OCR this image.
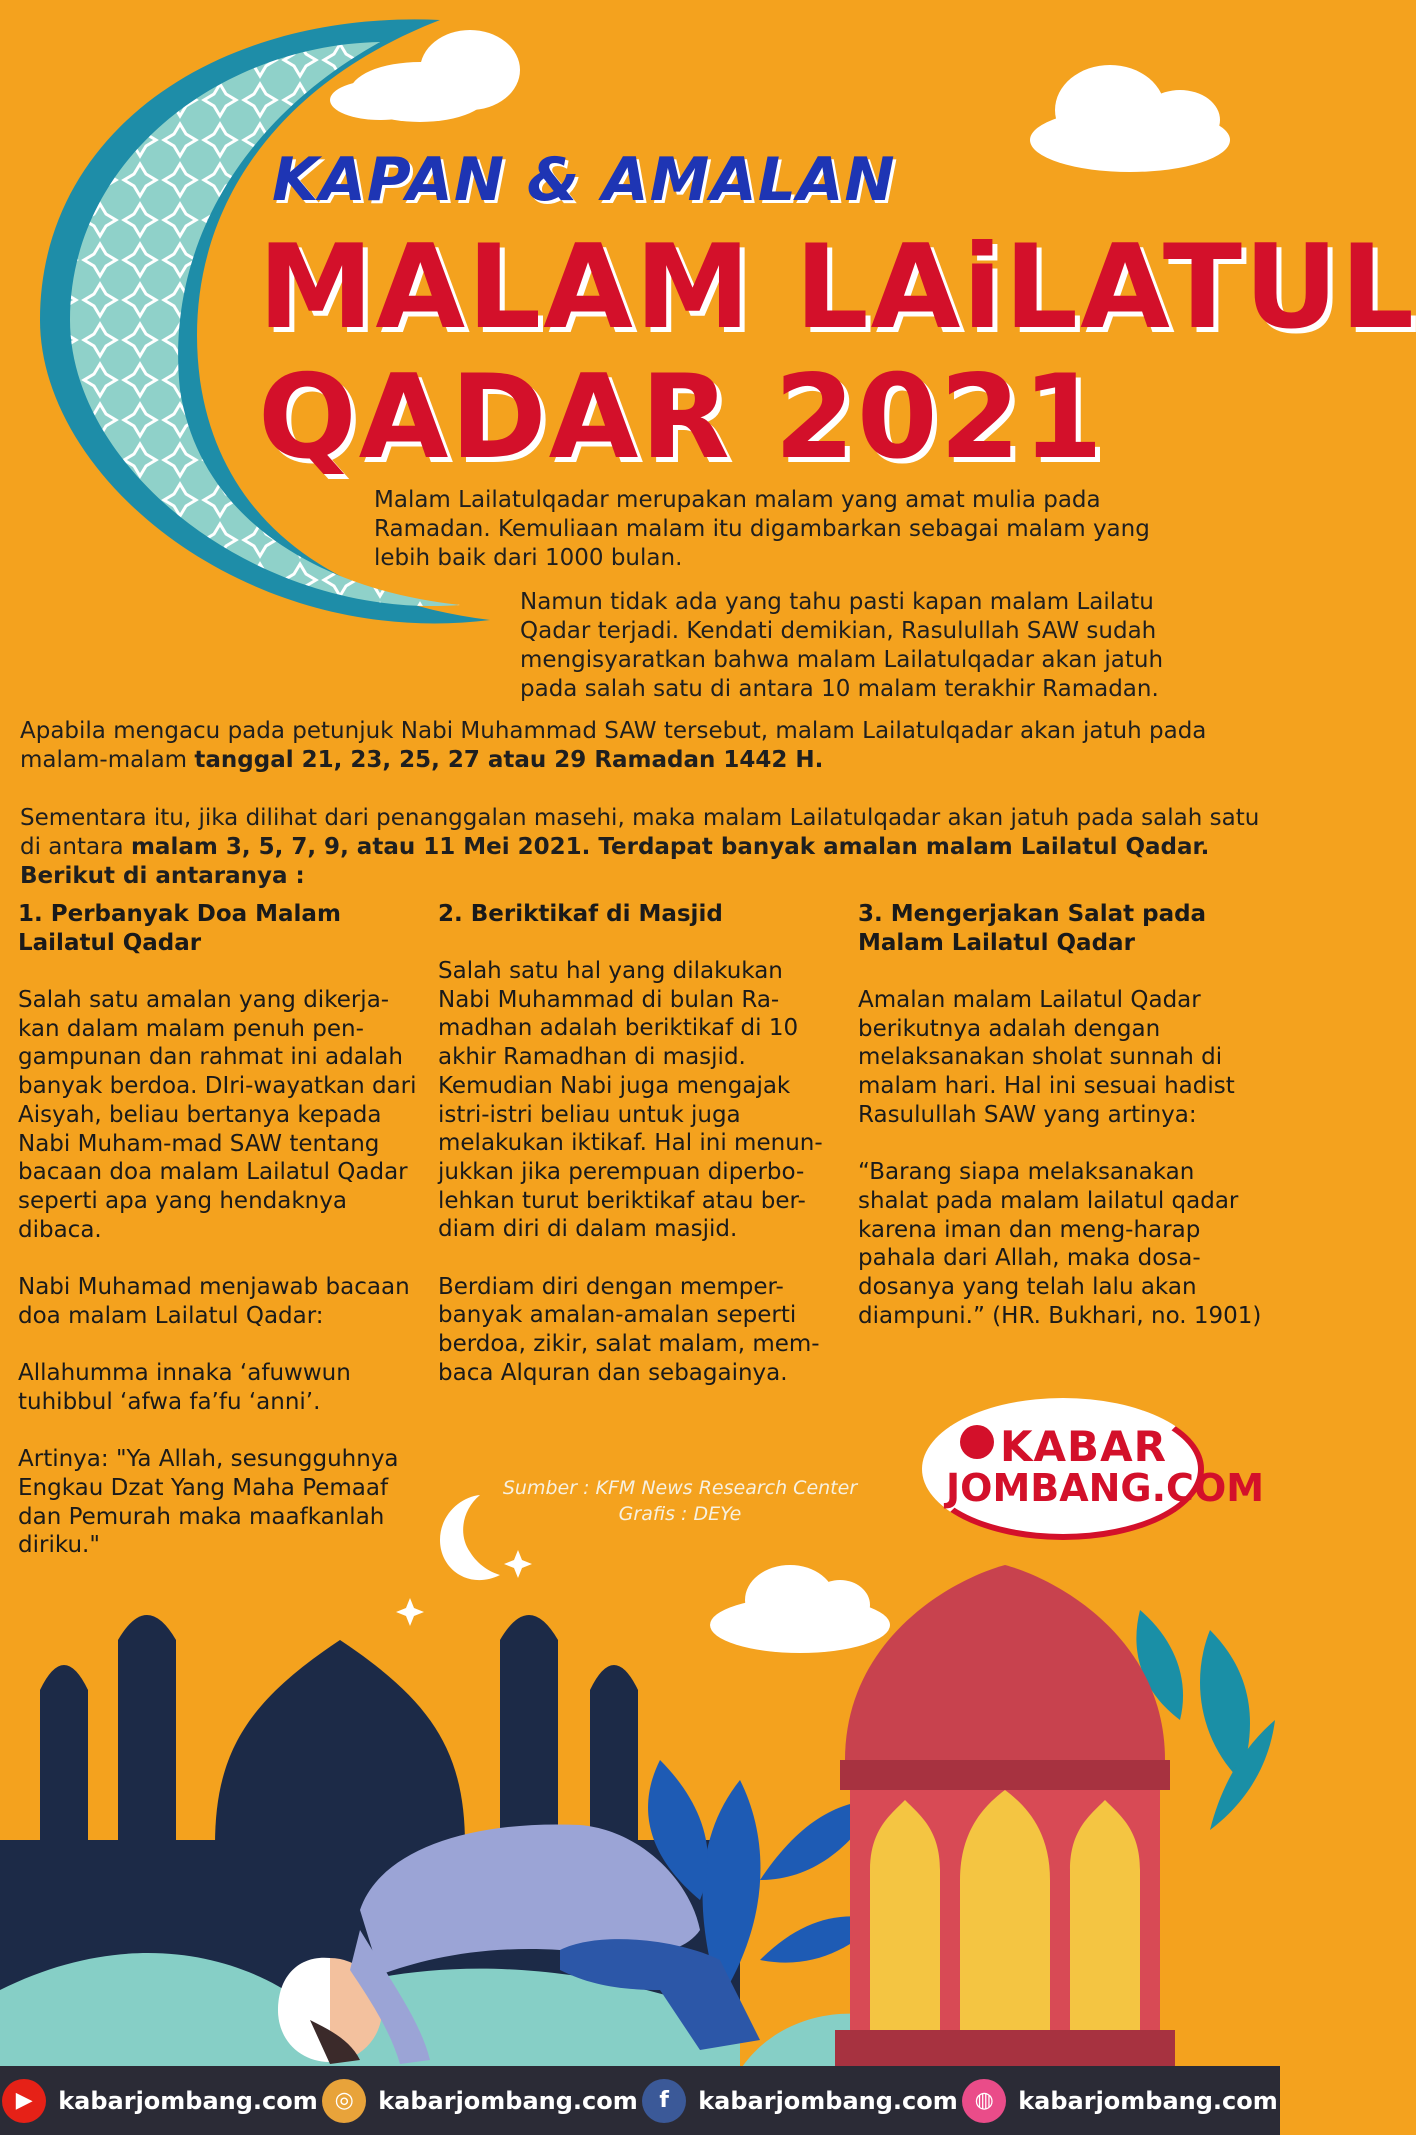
KAPAN & AMALAN
MALAM LAiLATUL
QADAR 2021
Malam Lailatulqadar merupakan malam yang amat mulia pada Ramadan. Kemuliaan malam itu digambarkan sebagai malam yang lebih baik dari 1000 bulan.
Namun tidak ada yang tahu pasti kapan malam Lailatu Qadar terjadi. Kendati demikian, Rasulullah SAW sudah mengisyaratkan bahwa malam Lailatulqadar akan jatuh pada salah satu di antara 10 malam terakhir Ramadan.
Apabila mengacu pada petunjuk Nabi Muhammad SAW tersebut, malam Lailatulqadar akan jatuh pada malam-malam tanggal 21, 23, 25, 27 atau 29 Ramadan 1442 H.
Sementara itu, jika dilihat dari penanggalan masehi, maka malam Lailatulqadar akan jatuh pada salah satu di antara malam 3, 5, 7, 9, atau 11 Mei 2021. Terdapat banyak amalan malam Lailatul Qadar. Berikut di antaranya :
1. Perbanyak Doa Malam Lailatul Qadar

Salah satu amalan yang dikerja-kan dalam malam penuh pen-gampunan dan rahmat ini adalah banyak berdoa. DIri-wayatkan dari Aisyah, beliau bertanya kepada Nabi Muham-mad SAW tentang bacaan doa malam Lailatul Qadar seperti apa yang hendaknya dibaca.

Nabi Muhamad menjawab bacaan doa malam Lailatul Qadar:

Allahumma innaka ‘afuwwun tuhibbul ‘afwa fa’fu ‘anni’.

Artinya: "Ya Allah, sesungguhnya Engkau Dzat Yang Maha Pemaaf dan Pemurah maka maafkanlah diriku."

2. Beriktikaf di Masjid

Salah satu hal yang dilakukan Nabi Muhammad di bulan Ra-madhan adalah beriktikaf di 10 akhir Ramadhan di masjid. Kemudian Nabi juga mengajak istri-istri beliau untuk juga melakukan iktikaf. Hal ini menun-jukkan jika perempuan diperbo-lehkan turut beriktikaf atau ber-diam diri di dalam masjid.

Berdiam diri dengan memper-banyak amalan-amalan seperti berdoa, zikir, salat malam, mem-baca Alquran dan sebagainya.

3. Mengerjakan Salat pada Malam Lailatul Qadar

Amalan malam Lailatul Qadar berikutnya adalah dengan melaksanakan sholat sunnah di malam hari. Hal ini sesuai hadist Rasulullah SAW yang artinya:

“Barang siapa melaksanakan shalat pada malam lailatul qadar karena iman dan meng-harap pahala dari Allah, maka dosa-dosanya yang telah lalu akan diampuni.” (HR. Bukhari, no. 1901)

Sumber : KFM News Research Center
Grafis : DEYe
KABAR
JOMBANG.COM
▶	kabarjombang.com ◎	kabarjombang.com f	kabarjombang.com ◍	kabarjombang.com
